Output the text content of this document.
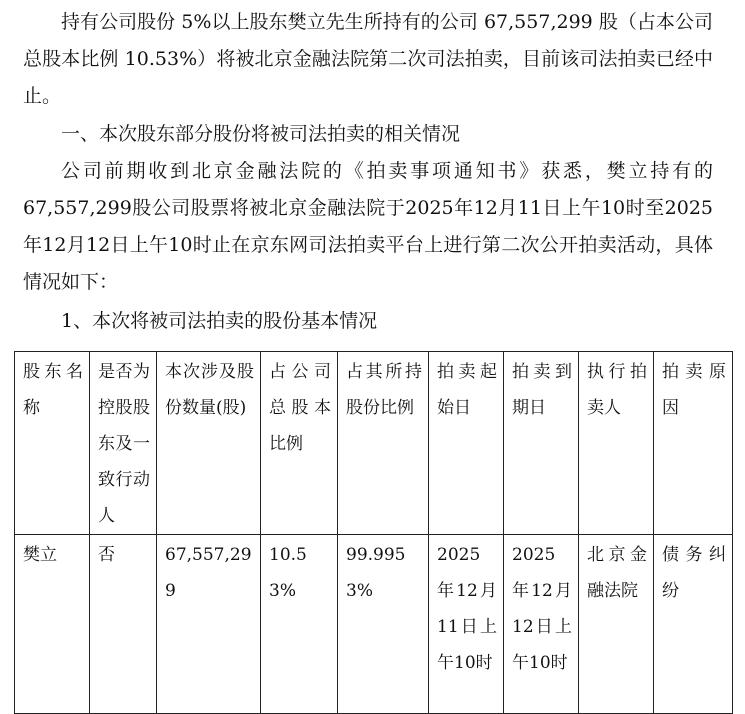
持有公司股份 5%以上股东樊立先生所持有的公司 67,557,299 股（占本公司总股本比例 10.53%）将被北京金融法院第二次司法拍卖，目前该司法拍卖已经中止。

一、本次股东部分股份将被司法拍卖的相关情况

公司前期收到北京金融法院的《拍卖事项通知书》获悉，樊立持有的67,557,299股公司股票将被北京金融法院于2025年12月11日上午10时至2025年12月12日上午10时止在京东网司法拍卖平台上进行第二次公开拍卖活动，具体情况如下：

1、本次将被司法拍卖的股份基本情况

股东名称	是否为控股股东及一致行动人	本次涉及股份数量(股)	占公司总股本比例	占其所持股份比例	拍卖起始日	拍卖到期日	执行拍卖人	拍卖原因
樊立	否	67,557,299	10.53%	99.9953%	2025年12月11日上午10时	2025年12月12日上午10时	北京金融法院	债务纠纷
